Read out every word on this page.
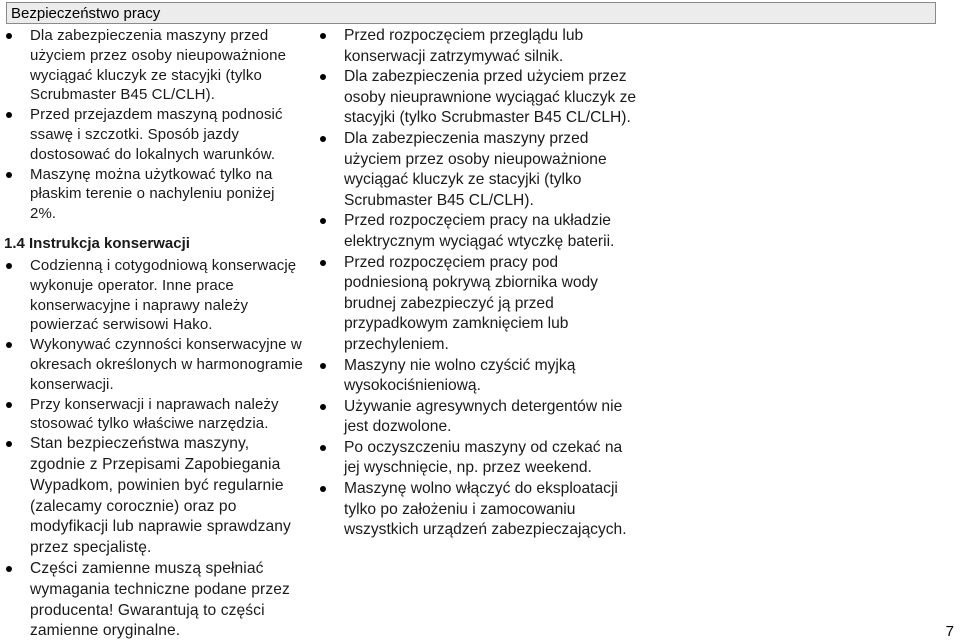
Bezpieczeństwo pracy
Dla zabezpieczenia maszyny przed użyciem przez osoby nieupoważnione wyciągać kluczyk ze stacyjki (tylko Scrubmaster B45 CL/CLH).
Przed przejazdem maszyną podnosić ssawę i szczotki. Sposób jazdy dostosować do lokalnych warunków.
Maszynę można użytkować tylko na płaskim terenie o nachyleniu poniżej 2%.
1.4 Instrukcja konserwacji
Codzienną i cotygodniową konserwację wykonuje operator. Inne prace konserwacyjne i naprawy należy powierzać serwisowi Hako.
Wykonywać czynności konserwacyjne w okresach określonych w harmonogramie konserwacji.
Przy konserwacji i naprawach należy stosować tylko właściwe narzędzia.
Stan bezpieczeństwa maszyny, zgodnie z Przepisami Zapobiegania Wypadkom, powinien być regularnie (zalecamy corocznie) oraz po modyfikacji lub naprawie sprawdzany przez specjalistę.
Części zamienne muszą spełniać wymagania techniczne podane przez producenta! Gwarantują to części zamienne oryginalne.
Przed rozpoczęciem przeglądu lub konserwacji zatrzymywać silnik.
Dla zabezpieczenia przed użyciem przez osoby nieuprawnione wyciągać kluczyk ze stacyjki (tylko Scrubmaster B45 CL/CLH).
Dla zabezpieczenia maszyny przed użyciem przez osoby nieupoważnione wyciągać kluczyk ze stacyjki (tylko Scrubmaster B45 CL/CLH).
Przed rozpoczęciem pracy na układzie elektrycznym wyciągać wtyczkę baterii.
Przed rozpoczęciem pracy pod podniesioną pokrywą zbiornika wody brudnej zabezpieczyć ją przed przypadkowym zamknięciem lub przechyleniem.
Maszyny nie wolno czyścić myjką wysokociśnieniową.
Używanie agresywnych detergentów nie jest dozwolone.
Po oczyszczeniu maszyny od czekać na jej wyschnięcie, np. przez weekend.
Maszynę wolno włączyć do eksploatacji tylko po założeniu i zamocowaniu wszystkich urządzeń zabezpieczających.
7
